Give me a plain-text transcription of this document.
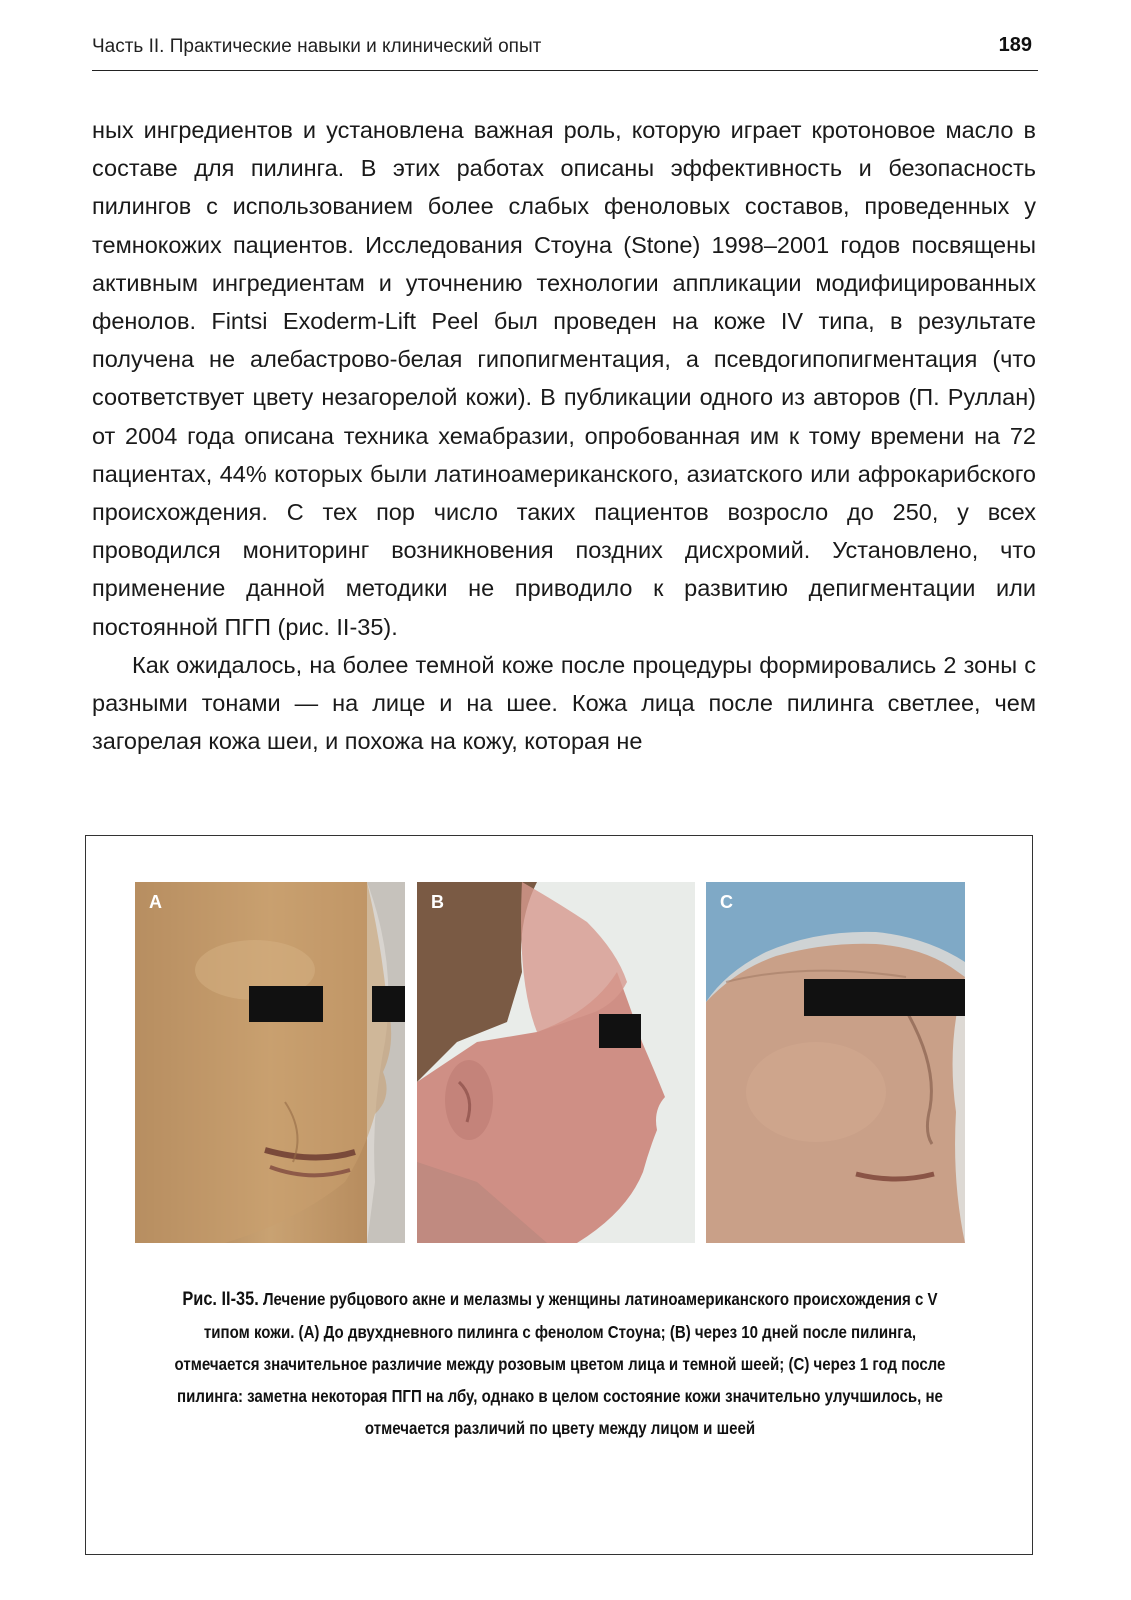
Часть II. Практические навыки и клинический опыт	189

ных ингредиентов и установлена важная роль, которую играет кротоновое масло в составе для пилинга. В этих работах описаны эффективность и безопасность пилингов с использованием более слабых феноловых составов, проведенных у темнокожих пациентов. Исследования Стоуна (Stone) 1998–2001 годов посвящены активным ингредиентам и уточнению технологии аппликации модифицированных фенолов. Fintsi Exoderm-Lift Peel был проведен на коже IV типа, в результате получена не алебастрово-белая гипопигментация, а псевдогипопигментация (что соответствует цвету незагорелой кожи). В публикации одного из авторов (П. Руллан) от 2004 года описана техника хемабразии, опробованная им к тому времени на 72 пациентах, 44% которых были латиноамериканского, азиатского или афрокарибского происхождения. С тех пор число таких пациентов возросло до 250, у всех проводился мониторинг возникновения поздних дисхромий. Установлено, что применение данной методики не приводило к развитию депигментации или постоянной ПГП (рис. II-35).

Как ожидалось, на более темной коже после процедуры формировались 2 зоны с разными тонами — на лице и на шее. Кожа лица после пилинга светлее, чем загорелая кожа шеи, и похожа на кожу, которая не

A	B	C
Рис. II-35. Лечение рубцового акне и мелазмы у женщины латиноамериканского происхождения с V типом кожи. (A) До двухдневного пилинга с фенолом Стоуна; (B) через 10 дней после пилинга, отмечается значительное различие между розовым цветом лица и темной шеей; (C) через 1 год после пилинга: заметна некоторая ПГП на лбу, однако в целом состояние кожи значительно улучшилось, не отмечается различий по цвету между лицом и шеей
